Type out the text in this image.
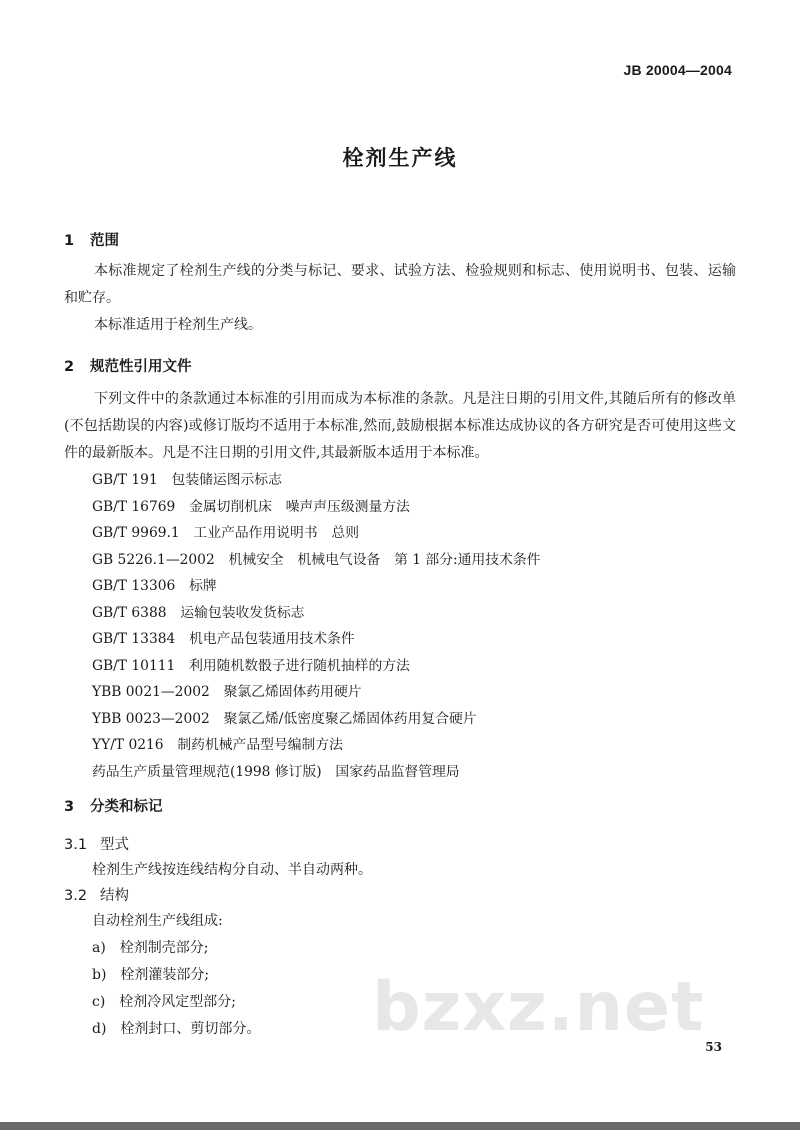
JB 20004—2004
栓剂生产线
1 范围
本标准规定了栓剂生产线的分类与标记、要求、试验方法、检验规则和标志、使用说明书、包装、运输和贮存。
本标准适用于栓剂生产线。
2 规范性引用文件
下列文件中的条款通过本标准的引用而成为本标准的条款。凡是注日期的引用文件,其随后所有的修改单(不包括勘误的内容)或修订版均不适用于本标准,然而,鼓励根据本标准达成协议的各方研究是否可使用这些文件的最新版本。凡是不注日期的引用文件,其最新版本适用于本标准。
GB/T 191　包装储运图示标志
GB/T 16769　金属切削机床　噪声声压级测量方法
GB/T 9969.1　工业产品作用说明书　总则
GB 5226.1—2002　机械安全　机械电气设备　第 1 部分:通用技术条件
GB/T 13306　标牌
GB/T 6388　运输包装收发货标志
GB/T 13384　机电产品包装通用技术条件
GB/T 10111　利用随机数骰子进行随机抽样的方法
YBB 0021—2002　聚氯乙烯固体药用硬片
YBB 0023—2002　聚氯乙烯/低密度聚乙烯固体药用复合硬片
YY/T 0216　制药机械产品型号编制方法
药品生产质量管理规范(1998 修订版)　国家药品监督管理局
3 分类和标记
3.1 型式
栓剂生产线按连线结构分自动、半自动两种。
3.2 结构
自动栓剂生产线组成:
a)　栓剂制壳部分;
b)　栓剂灌装部分;
c)　栓剂冷风定型部分;
d)　栓剂封口、剪切部分。 bzxz.net 53
